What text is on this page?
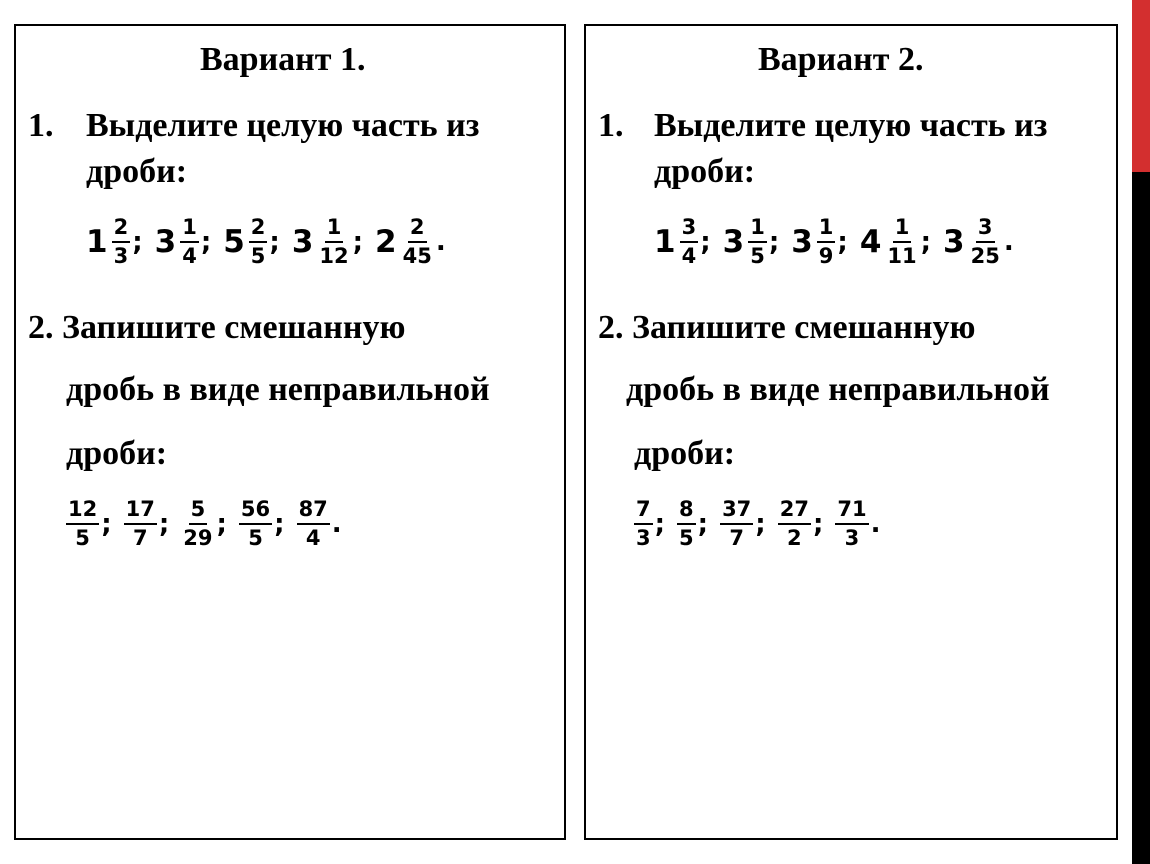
Вариант 1.
1. Выделите целую часть из
дроби:
$1 \frac{2}{3}$ ; $3 \frac{1}{4}$ ; $5 \frac{2}{5}$ ; $3 \frac{1}{12}$ ; $2 \frac{2}{45}$ .
2. Запишите смешанную
дробь в виде неправильной
дроби:
$\frac{12}{5}$ ; $\frac{17}{7}$ ; $\frac{5}{29}$ ; $\frac{56}{5}$ ; $\frac{87}{4}$ .
Вариант 2.
1. Выделите целую часть из
дроби:
$1 \frac{3}{4}$ ; $3 \frac{1}{5}$ ; $3 \frac{1}{9}$ ; $4 \frac{1}{11}$ ; $3 \frac{3}{25}$ .
2. Запишите смешанную
дробь в виде неправильной
дроби:
$\frac{7}{3}$ ; $\frac{8}{5}$ ; $\frac{37}{7}$ ; $\frac{27}{2}$ ; $\frac{71}{3}$ .
